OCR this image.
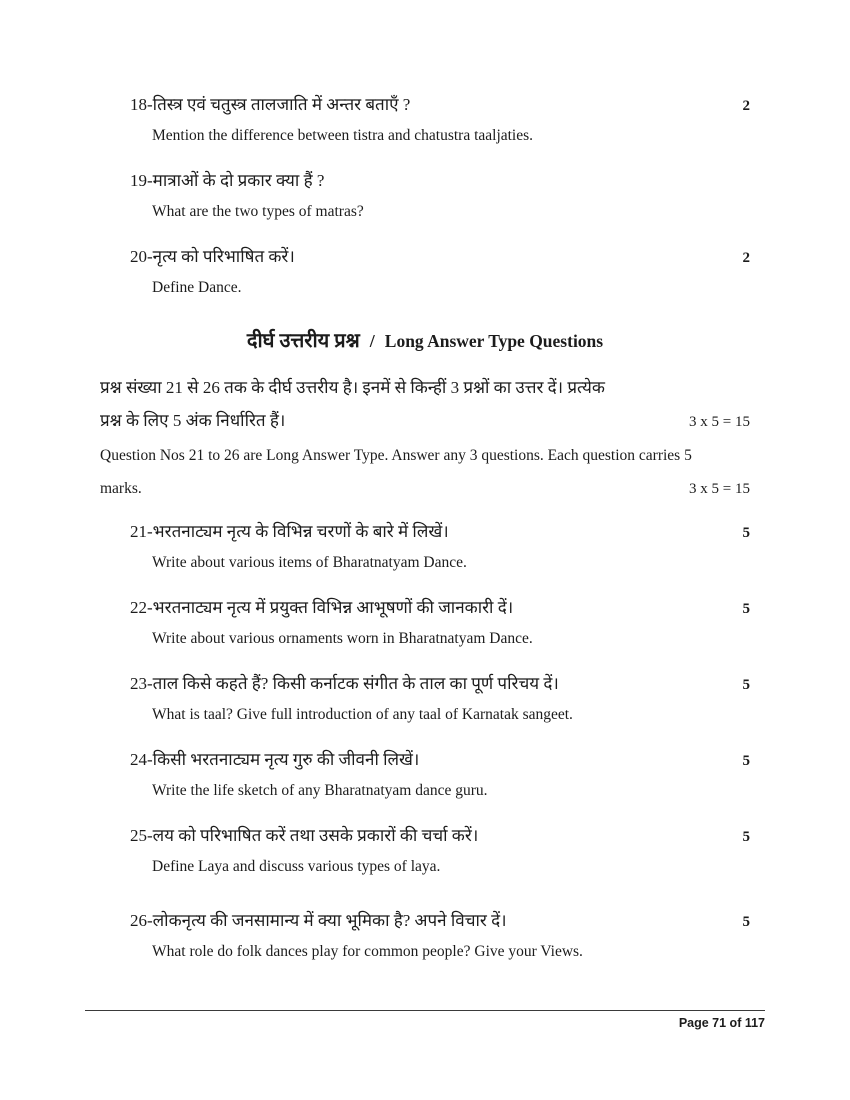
18-तिस्त्र एवं चतुस्त्र तालजाति में अन्तर बताएँ ?	2
Mention the difference between tistra and chatustra taaljaties.
19-मात्राओं के दो प्रकार क्या हैं ?
What are the two types of matras?
20-नृत्य को परिभाषित करें।	2
Define Dance.
दीर्घ उत्तरीय प्रश्न / Long Answer Type Questions
प्रश्न संख्या 21 से 26 तक के दीर्घ उत्तरीय है। इनमें से किन्हीं 3 प्रश्नों का उत्तर दें। प्रत्येक
प्रश्न के लिए 5 अंक निर्धारित हैं।	3 x 5 = 15
Question Nos 21 to 26 are Long Answer Type. Answer any 3 questions. Each question carries 5
marks.	3 x 5 = 15
21-भरतनाट्यम नृत्य के विभिन्न चरणों के बारे में लिखें।	5
Write about various items of Bharatnatyam Dance.
22-भरतनाट्यम नृत्य में प्रयुक्त विभिन्न आभूषणों की जानकारी दें।	5
Write about various ornaments worn in Bharatnatyam Dance.
23-ताल किसे कहते हैं? किसी कर्नाटक संगीत के ताल का पूर्ण परिचय दें।	5
What is taal? Give full introduction of any taal of Karnatak sangeet.
24-किसी भरतनाट्यम नृत्य गुरु की जीवनी लिखें।	5
Write the life sketch of any Bharatnatyam dance guru.
25-लय को परिभाषित करें तथा उसके प्रकारों की चर्चा करें।	5
Define Laya and discuss various types of laya.
26-लोकनृत्य की जनसामान्य में क्या भूमिका है? अपने विचार दें।	5
What role do folk dances play for common people? Give your Views.
Page 71 of 117
